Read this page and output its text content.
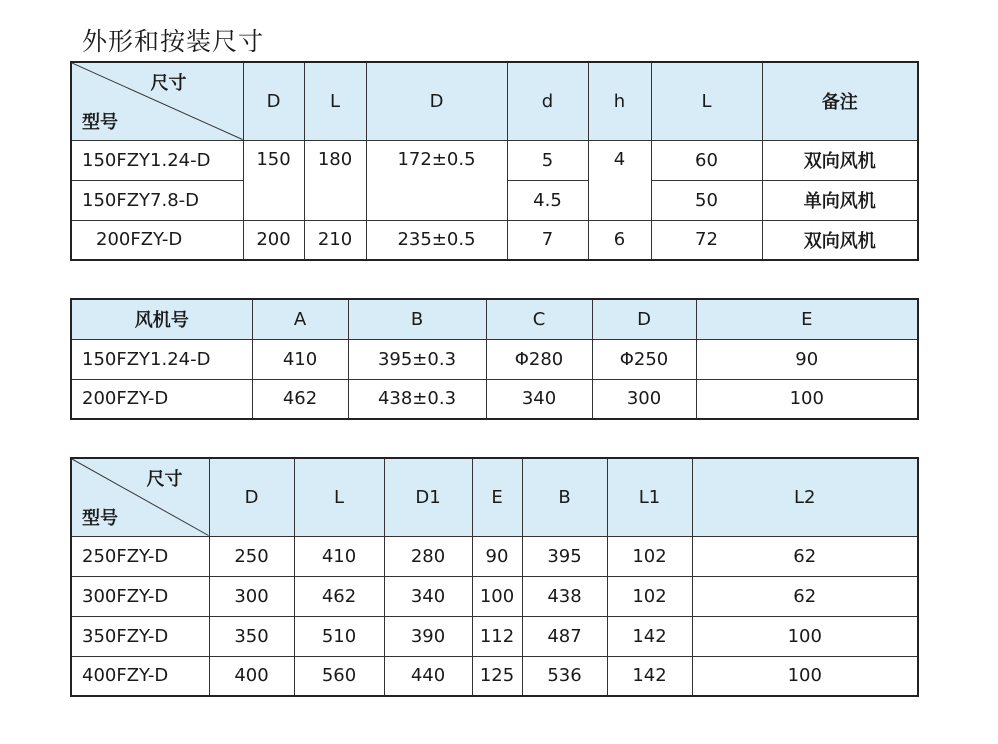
外形和按装尺寸
尺寸
型号	D	L	D	d	h	L	备注
150FZY1.24-D	150	180	172±0.5	5	4	60	双向风机
150FZY7.8-D				4.5		50	单向风机
200FZY-D	200	210	235±0.5	7	6	72	双向风机
风机号	A	B	C	D	E
150FZY1.24-D	410	395±0.3	Φ280	Φ250	90
200FZY-D	462	438±0.3	340	300	100
尺寸
型号	D	L	D1	E	B	L1	L2
250FZY-D	250	410	280	90	395	102	62
300FZY-D	300	462	340	100	438	102	62
350FZY-D	350	510	390	112	487	142	100
400FZY-D	400	560	440	125	536	142	100
